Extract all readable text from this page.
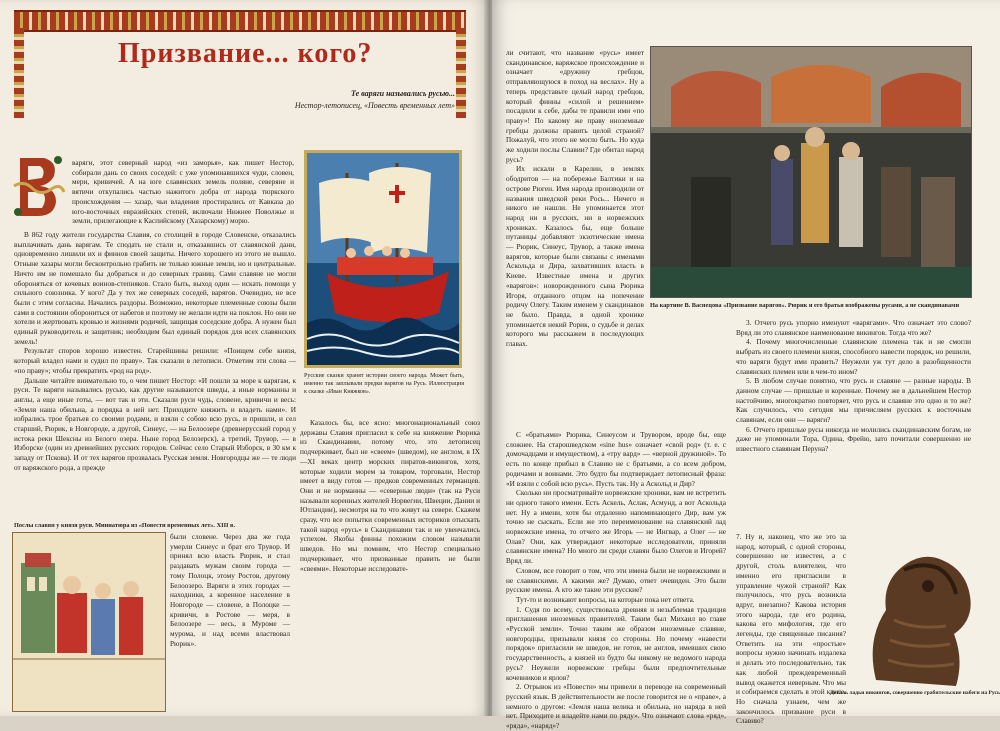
Призвание... кого?
Те варяги назывались русью...
Нестор-летописец, «Повесть временных лет»

варяги, этот северный народ «из заморья», как пишет Нестор, собирали дань со своих соседей: с уже упоминавшихся чуди, словен, мери, кривичей. А на юге славянских земель полянe, северяне и вятичи откупались частью нажитого добра от народа тюркского происхождения — хазар, чьи владения простирались от Кавказа до юго-восточных евразийских степей, включали Нижнее Поволжье и земли, прилегающие к Каспийскому (Хазарскому) морю.

В 862 году жители государства Славия, со столицей в городе Словенске, отказались выплачивать дань варягам. Те сподать не стали и, отказавшись от славянской дани, одновременно лишили их и финнов своей защиты. Ничего хорошего из этого не вышло. Отныне хазары могли бесконтрольно грабить не только южные земли, но и центральные. Ничто им не помешало бы добраться и до северных границ. Сами славяне не могли обороняться от кочевых воинов-степняков. Стало быть, выход один — искать помощи у сильного союзника. У кого? Да у тех же северных соседей, варягов. Очевидно, не все были с этим согласны. Начались раздоры. Возможно, некоторые племенные союзы были сами в состоянии оборониться от набегов и поэтому не желали идти на поклон. Но они не хотели и жертвовать кровью и жизнями родичей, защищая соседские добра. А нужен был единый руководитель и защитник; необходим был единый порядок для всех славянских земель!

Результат споров хорошо известен. Старейшины решили: «Поищем себе князя, который владел нами и судил по праву». Так сказали в летописи. Отметим эти слова — «по праву»; чтобы прекратить «род на род».

Дальше читайте внимательно то, о чем пишет Нестор: «И пошли за море к варягам, к руси. Те варяги назывались русью, как другие называются шведы, а иные норманны и англы, а еще иные готы, — вот так и эти. Сказали руси чудь, словене, кривичи и весь: «Земля наша обильна, а порядка в ней нет. Приходите княжить и владеть нами». И избрались трое братьев со своими родами, и взяли с собою всю русь, и пришли, и сел старший, Рюрик, в Новгороде, а другой, Синеус, — на Белоозере (древнерусский город у истока реки Шексны из Белого озера. Ныне город Белозерск), а третий, Трувор, — в Изборске (один из древнейших русских городов. Сейчас село Старый Изборск, в 30 км к западу от Пскова). И от тех варягов прозвалась Русская земля. Новгородцы же — те люди от варяжского рода, а прежде

Русские сказки хранят истории своего народа. Может быть, именно так заплывали предки варягов на Русь. Иллюстрация к сказке «Иван Княжков».
Послы славян у князя руси. Миниатюра из «Повести временных лет». XIII в.

были словене. Через два же года умерли Синеус и брат его Трувор. И принял всю власть Рюрик, и стал раздавать мужам своим города — тому Полоцк, этому Ростов, другому Белоозеро. Варяги в этих городах — находники, а коренное население в Новгороде — словене, в Полоцке — кривичи, в Ростове — меря, в Белоозере — весь, в Муроме — мурома, и над всеми властвовал Рюрик».

Казалось бы, все ясно: многонациональный союз державы Славия пригласил к себе на княжение Рюрика из Скандинавии, потому что, это летописец подчеркивает, был не «свеем» (шведом), не англом, в IX—XI веках центр морских пиратов-викингов, хотя, которые ходили морем за товаром, торговали, Нестор имеет в виду готов — предков современных германцев. Они и не норманны — «северные люди» (так на Руси называли коренных жителей Норвегии, Швеции, Дании и Ютландии), несмотря на то что живут на севере. Скажем сразу, что все попытки современных историков отыскать такой народ «русь» в Скандинавии так и не увенчались успехом. Якобы финны похожим словом называли шведов. Но мы помним, что Нестор специально подчеркивает, что призванные править не были «свеями». Некоторые исследовате-

ли считают, что название «русь» имеет скандинавское, варяжское происхождение и означает «дружину гребцов, отправляющуюся в поход на веслах». Ну а теперь представьте целый народ гребцов, который финны «силой и решением» посадили к себе, дабы те правили ими «по праву»! По какому же праву иноземные гребцы должны править целой страной? Пожалуй, что этого не могло быть. Но куда же ходили послы Славии? Где обитал народ русь?

Их искали в Карелии, в землях ободритов — на побережье Балтики и на острове Рюген. Имя народа производили от названия шведской реки Рось... Ничего и никого не нашли. Не упоминается этот народ ни в русских, ни в норвежских хрониках. Казалось бы, еще больше путаницы добавляют экзотические имена — Рюрик, Синеус, Трувор, а также имена варягов, которые были связаны с именами Аскольда и Дира, захвативших власть в Киеве. Известные имена и других «варягов»: новорожденного сына Рюрика Игоря, отданного отцом на попечение родичу Олегу. Таким именем у скандинавов не было. Правда, в одной хронике упоминается некий Рорик, о судьбе и делах которого мы расскажем в последующих главах.

На картине В. Васнецова «Призвание варягов». Рюрик и его братья изображены русами, а не скандинавами

С «братьями» Рюрика, Синеусом и Трувором, вроде бы, еще сложнее. На старошведском «sine hus» означает «свой род» (т. е. с домочадцами и имуществом), а «тру вард» — «верной дружиной». То есть по конце прибыл в Славию не с братьями, а со всем добром, родичами и воинами. Это будто бы подтверждает летописный фраза: «И взяли с собой всю русь». Пусть так. Ну а Аскольд и Дир?

Сколько ни просматривайте норвежские хроники, вам не встретить ни одного такого имени. Есть Аскель, Аслак, Асмунд, а вот Аскольда нет. Ну а имени, хотя бы отдаленно напоминающего Дир, вам уж точно не сыскать. Если же это переименование на славянский лад норвежские имена, то отчего же Игорь — не Ингвар, а Олег — не Олав? Они, как утверждают некоторые исследователи, приняли славянские имена? Но много ли среди славян было Олегов и Игорей? Вряд ли.

Словом, все говорит о том, что эти имена были не норвежскими и не славянскими. А какими же? Думаю, ответ очевиден. Это были русские имена. А кто же такие эти русские?

Тут-то и возникают вопросы, на которые пока нет ответа.

1. Судя по всему, существовала древняя и незыблемая традиция приглашения иноземных правителей. Таким был Михаил во главе «Русской земли». Точно таким же образом иноземные славяне, новгородцы, призывали князя со стороны. Но почему «навести порядок» пригласили не шведов, не готов, не англов, имевших свою государственность, а князей из будто бы никому не ведомого народа русь? Неужели норвежские гребцы были предпочтительные кочевников и ярлов?

2. Отрывок из «Повести» мы привели в переводе на современный русский язык. В действительности же после говорится не о «праве», а немного о другом: «Земля наша велика и обильна, но наряда в ней нет. Приходите и владейте нами по ряду». Что означают слова «ряд», «ряда», «наряд»?

3. Отчего русь упорно именуют «варягами». Что означает это слово? Вряд ли это славянское наименование викингов. Тогда что же?

4. Почему многочисленные славянские племена так и не смогли выбрать из своего племени князя, способного навести порядок, но решили, что варяги будут ими править? Неужели уж тут дело в разобщенности славянских племен или в чем-то ином?

5. В любом случае понятно, что русь и славяне — разные народы. В данном случае — пришлые и коренные. Почему же в дальнейшем Нестор настойчиво, многократно повторяет, что русь и славяне это одно и то же? Как случилось, что сегодня мы причисляем русских к восточным славянам, если они — варяги?

6. Отчего пришлые русы никогда не молились скандинавским богам, не даже не упоминали Тора, Одина, Фрейю, зато почитали совершенно не известного славянам Перуна?

7. Ну и, наконец, что же это за народ, который, с одной стороны, совершенно не известен, а с другой, столь влиятелен, что именно его пригласили в управление чужой страной? Как получилось, что русь возникла вдруг, внезапно? Какова история этого народа, где его родина, какова его мифология, где его легенды, где священные писания? Ответить на эти «простые» вопросы нужно начинать издалека и делать это последовательно, так как любой преждевременный вывод окажется неверным. Что мы и собираемся сделать в этой книге. Но сначала узнаем, чем же закончилось призвание руси в Славию?

Деталь ладьи викингов, совершенно грабительские набеги на Русь
